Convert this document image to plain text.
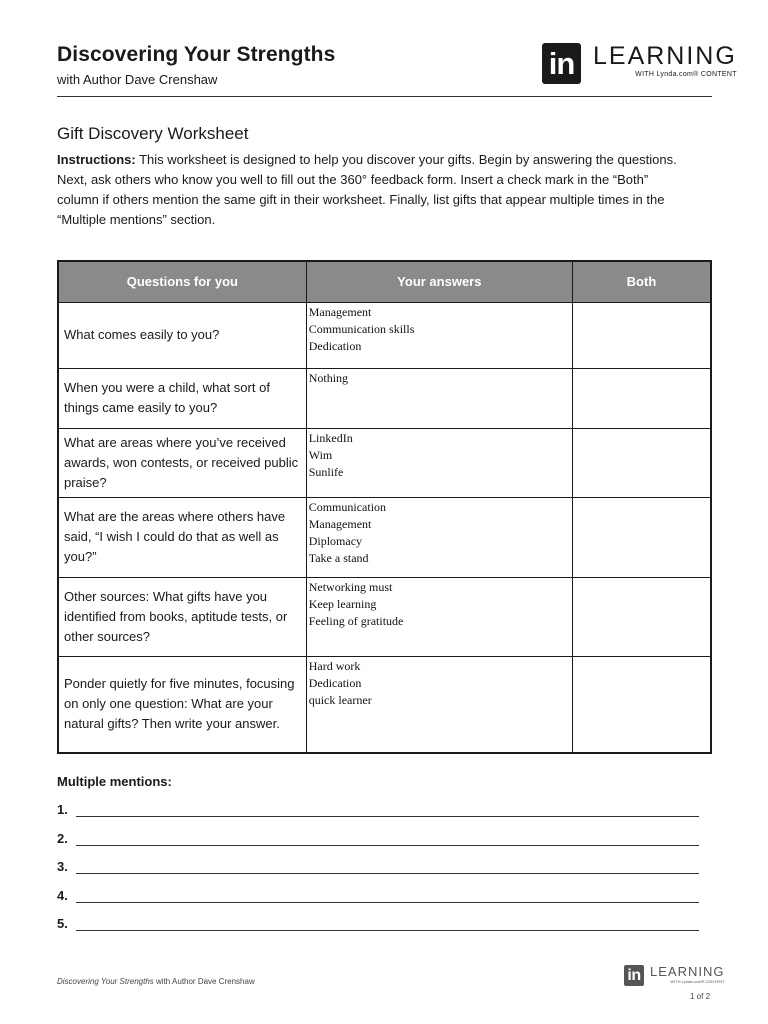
Discovering Your Strengths
with Author Dave Crenshaw	in LEARNING
WITH Lynda.com® CONTENT
Gift Discovery Worksheet
Instructions: This worksheet is designed to help you discover your gifts. Begin by answering the questions. Next, ask others who know you well to fill out the 360° feedback form. Insert a check mark in the “Both” column if others mention the same gift in their worksheet. Finally, list gifts that appear multiple times in the “Multiple mentions” section.
Questions for you	Your answers	Both
What comes easily to you?	Management
Communication skills
Dedication	

When you were a child, what sort of things came easily to you?	Nothing	

What are areas where you’ve received awards, won contests, or received public praise?	LinkedIn
Wim
Sunlife	

What are the areas where others have said, “I wish I could do that as well as you?”	Communication
Management
Diplomacy
Take a stand	

Other sources: What gifts have you identified from books, aptitude tests, or other sources?	Networking must
Keep learning
Feeling of gratitude	

Ponder quietly for five minutes, focusing on only one question: What are your natural gifts? Then write your answer.	Hard work
Dedication
quick learner	

Multiple mentions:
1.
2.
3.
4.
5.
Discovering Your Strengths with Author Dave Crenshaw	in LEARNING
WITH Lynda.com® CONTENT
1 of 2
